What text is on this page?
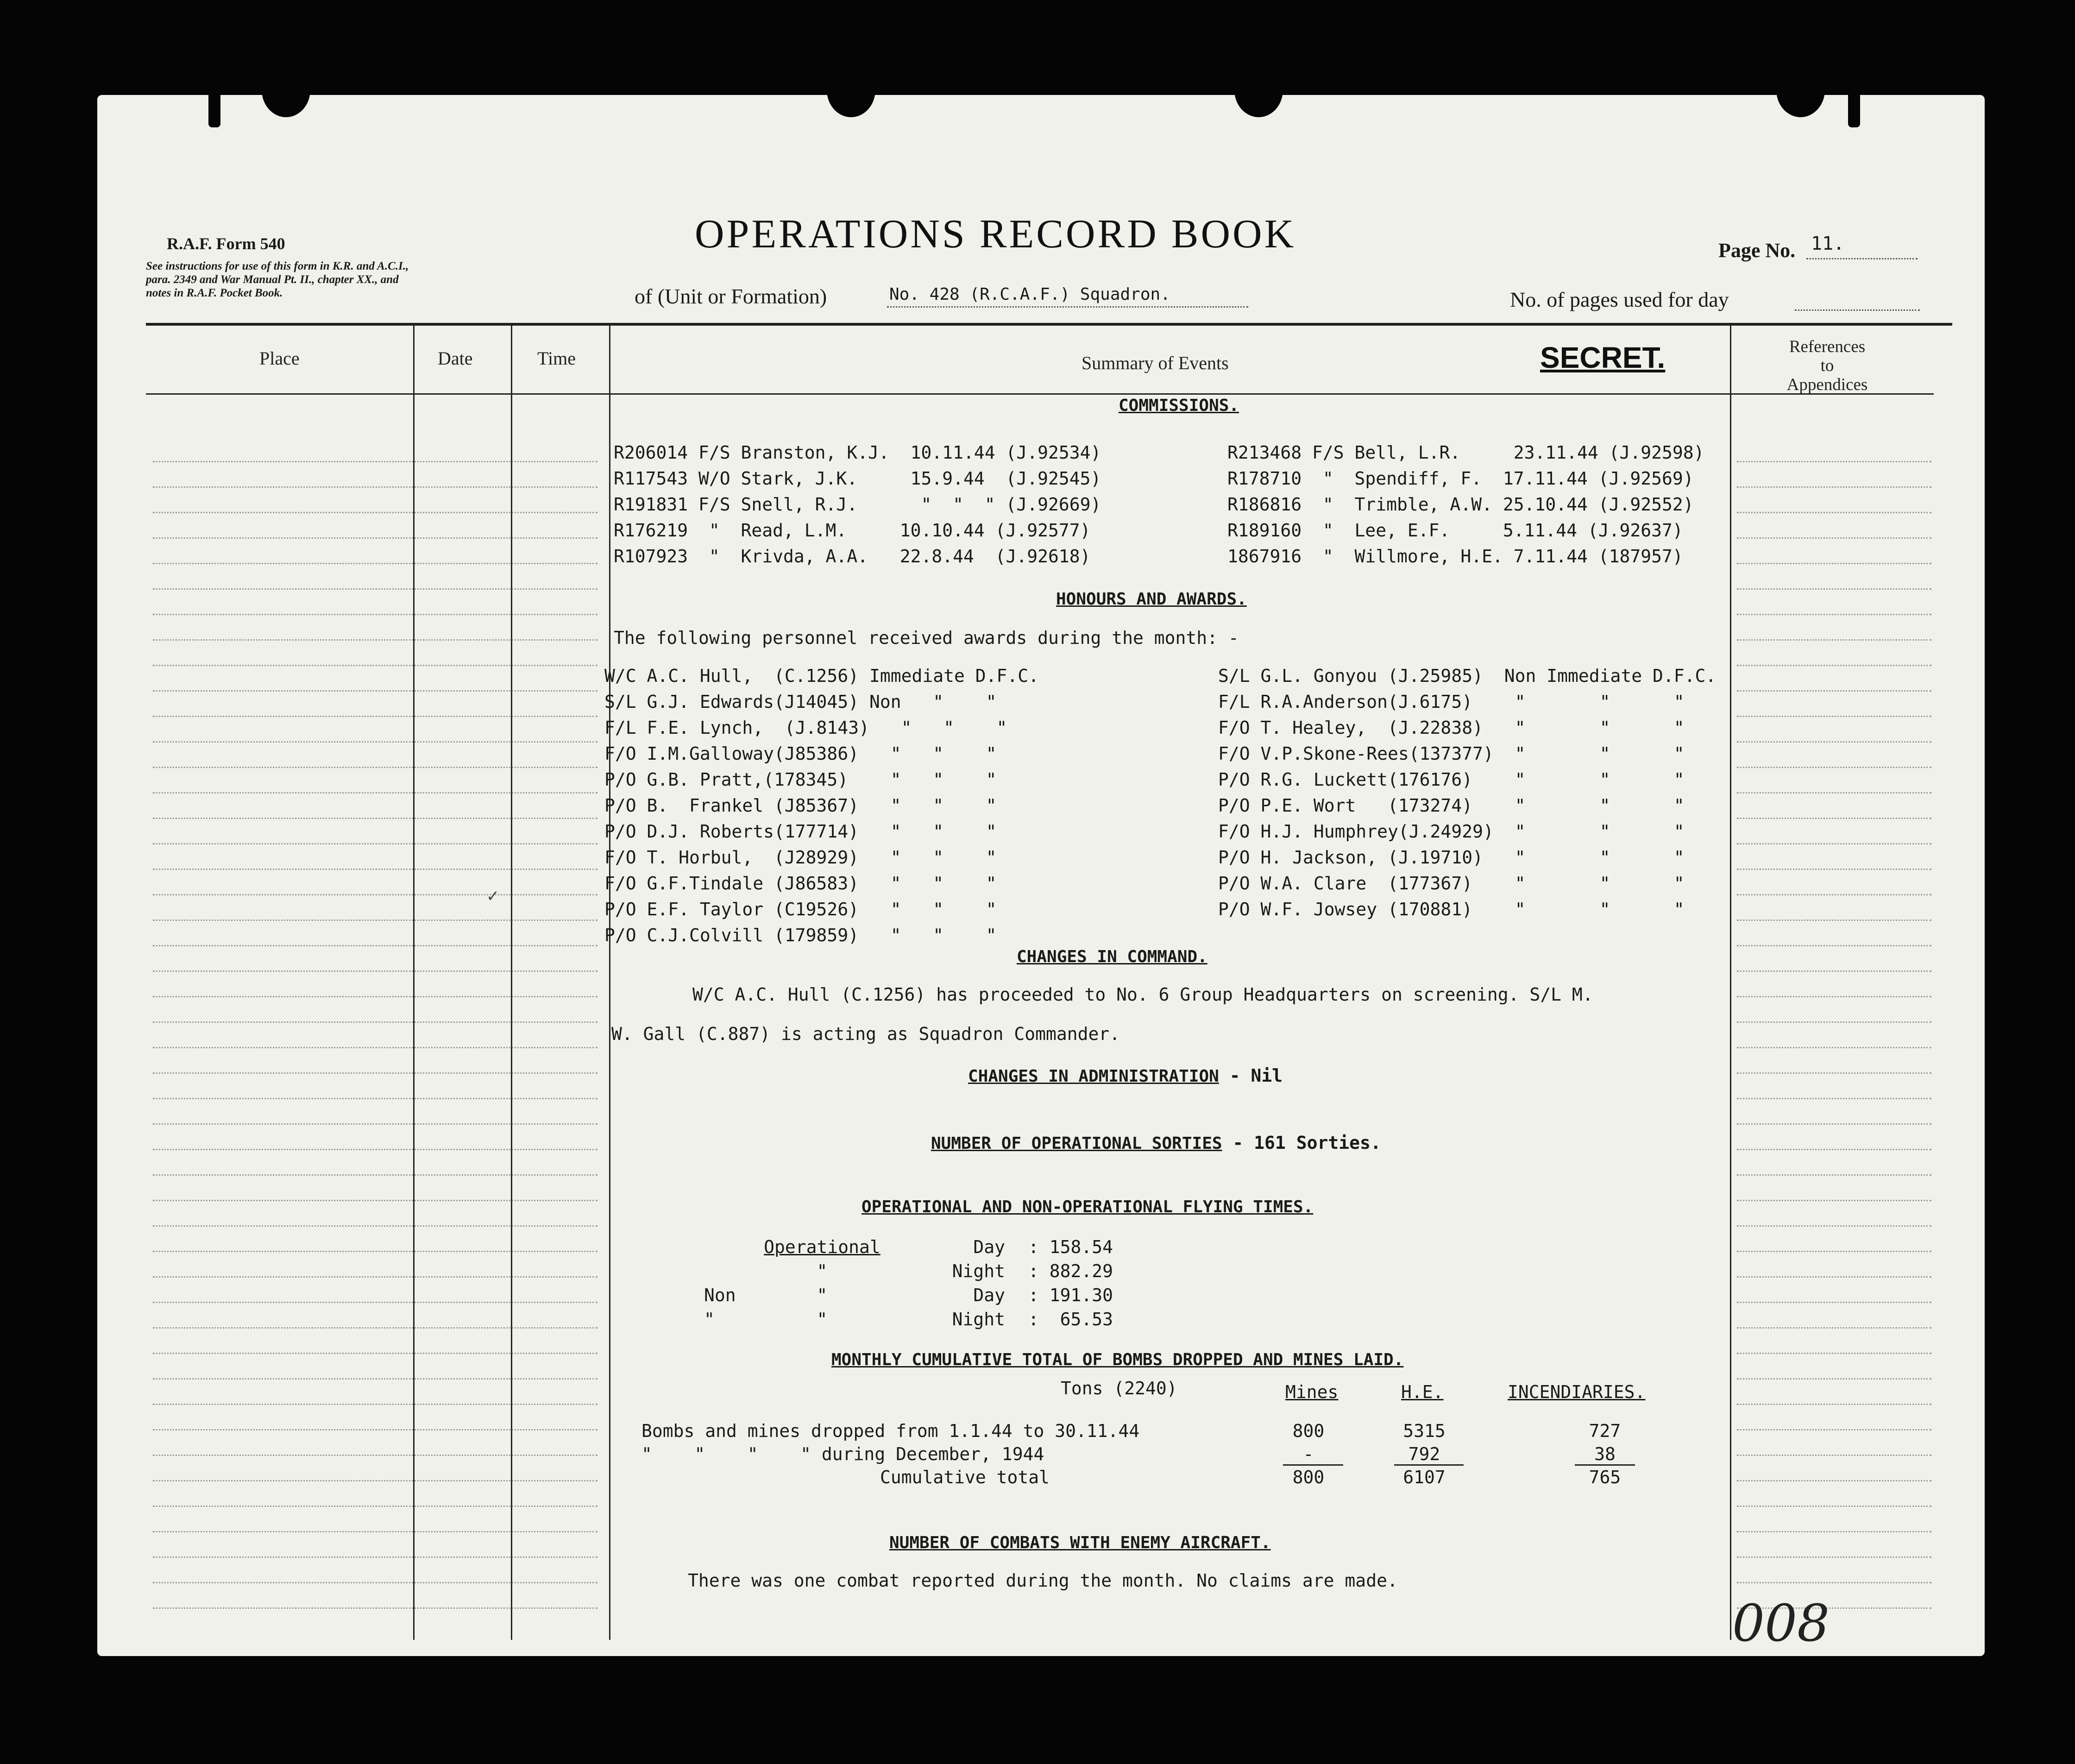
R.A.F. Form 540
See instructions for use of this form in K.R. and A.C.I.,
para. 2349 and War Manual Pt. II., chapter XX., and
notes in R.A.F. Pocket Book.
OPERATIONS RECORD BOOK	Page No. 11.
of (Unit or Formation)	No. 428 (R.C.A.F.) Squadron.	No. of pages used for day
Place	Date	Time	Summary of Events	SECRET.	References
to
Appendices
COMMISSIONS.
R206014 F/S Branston, K.J.  10.11.44 (J.92534)	R213468 F/S Bell, L.R.     23.11.44 (J.92598)
R117543 W/O Stark, J.K.     15.9.44  (J.92545)	R178710  "  Spendiff, F.  17.11.44 (J.92569)
R191831 F/S Snell, R.J.      "  "  " (J.92669)	R186816  "  Trimble, A.W. 25.10.44 (J.92552)
R176219  "  Read, L.M.     10.10.44 (J.92577)	R189160  "  Lee, E.F.     5.11.44 (J.92637)
R107923  "  Krivda, A.A.   22.8.44  (J.92618)	1867916  "  Willmore, H.E. 7.11.44 (187957)
HONOURS AND AWARDS.
The following personnel received awards during the month: -
W/C A.C. Hull,  (C.1256) Immediate D.F.C.	S/L G.L. Gonyou (J.25985)  Non Immediate D.F.C.
S/L G.J. Edwards(J14045) Non   "    "	F/L R.A.Anderson(J.6175)    "       "      "
F/L F.E. Lynch,  (J.8143)   "   "    "	F/O T. Healey,  (J.22838)   "       "      "
F/O I.M.Galloway(J85386)   "   "    "	F/O V.P.Skone-Rees(137377)  "       "      "
P/O G.B. Pratt,(178345)    "   "    "	P/O R.G. Luckett(176176)    "       "      "
P/O B.  Frankel (J85367)   "   "    "	P/O P.E. Wort   (173274)    "       "      "
P/O D.J. Roberts(177714)   "   "    "	F/O H.J. Humphrey(J.24929)  "       "      "
F/O T. Horbul,  (J28929)   "   "    "	P/O H. Jackson, (J.19710)   "       "      "
F/O G.F.Tindale (J86583)   "   "    "	P/O W.A. Clare  (177367)    "       "      "
P/O E.F. Taylor (C19526)   "   "    "	P/O W.F. Jowsey (170881)    "       "      "
P/O C.J.Colvill (179859)   "   "    "
✓
CHANGES IN COMMAND.
W/C A.C. Hull (C.1256) has proceeded to No. 6 Group Headquarters on screening. S/L M.
W. Gall (C.887) is acting as Squadron Commander.
CHANGES IN ADMINISTRATION - Nil
NUMBER OF OPERATIONAL SORTIES - 161 Sorties.
OPERATIONAL AND NON-OPERATIONAL FLYING TIMES.
Operational	Day : 158.54
"	Night : 882.29
Non	"	Day : 191.30
"	"	Night :  65.53
MONTHLY CUMULATIVE TOTAL OF BOMBS DROPPED AND MINES LAID.
Tons (2240)	Mines	H.E.	INCENDIARIES.
Bombs and mines dropped from 1.1.44 to 30.11.44	800	5315	727
"    "    "    " during December, 1944	-	792	38
Cumulative total	800	6107	765
NUMBER OF COMBATS WITH ENEMY AIRCRAFT.
There was one combat reported during the month. No claims are made.
008
